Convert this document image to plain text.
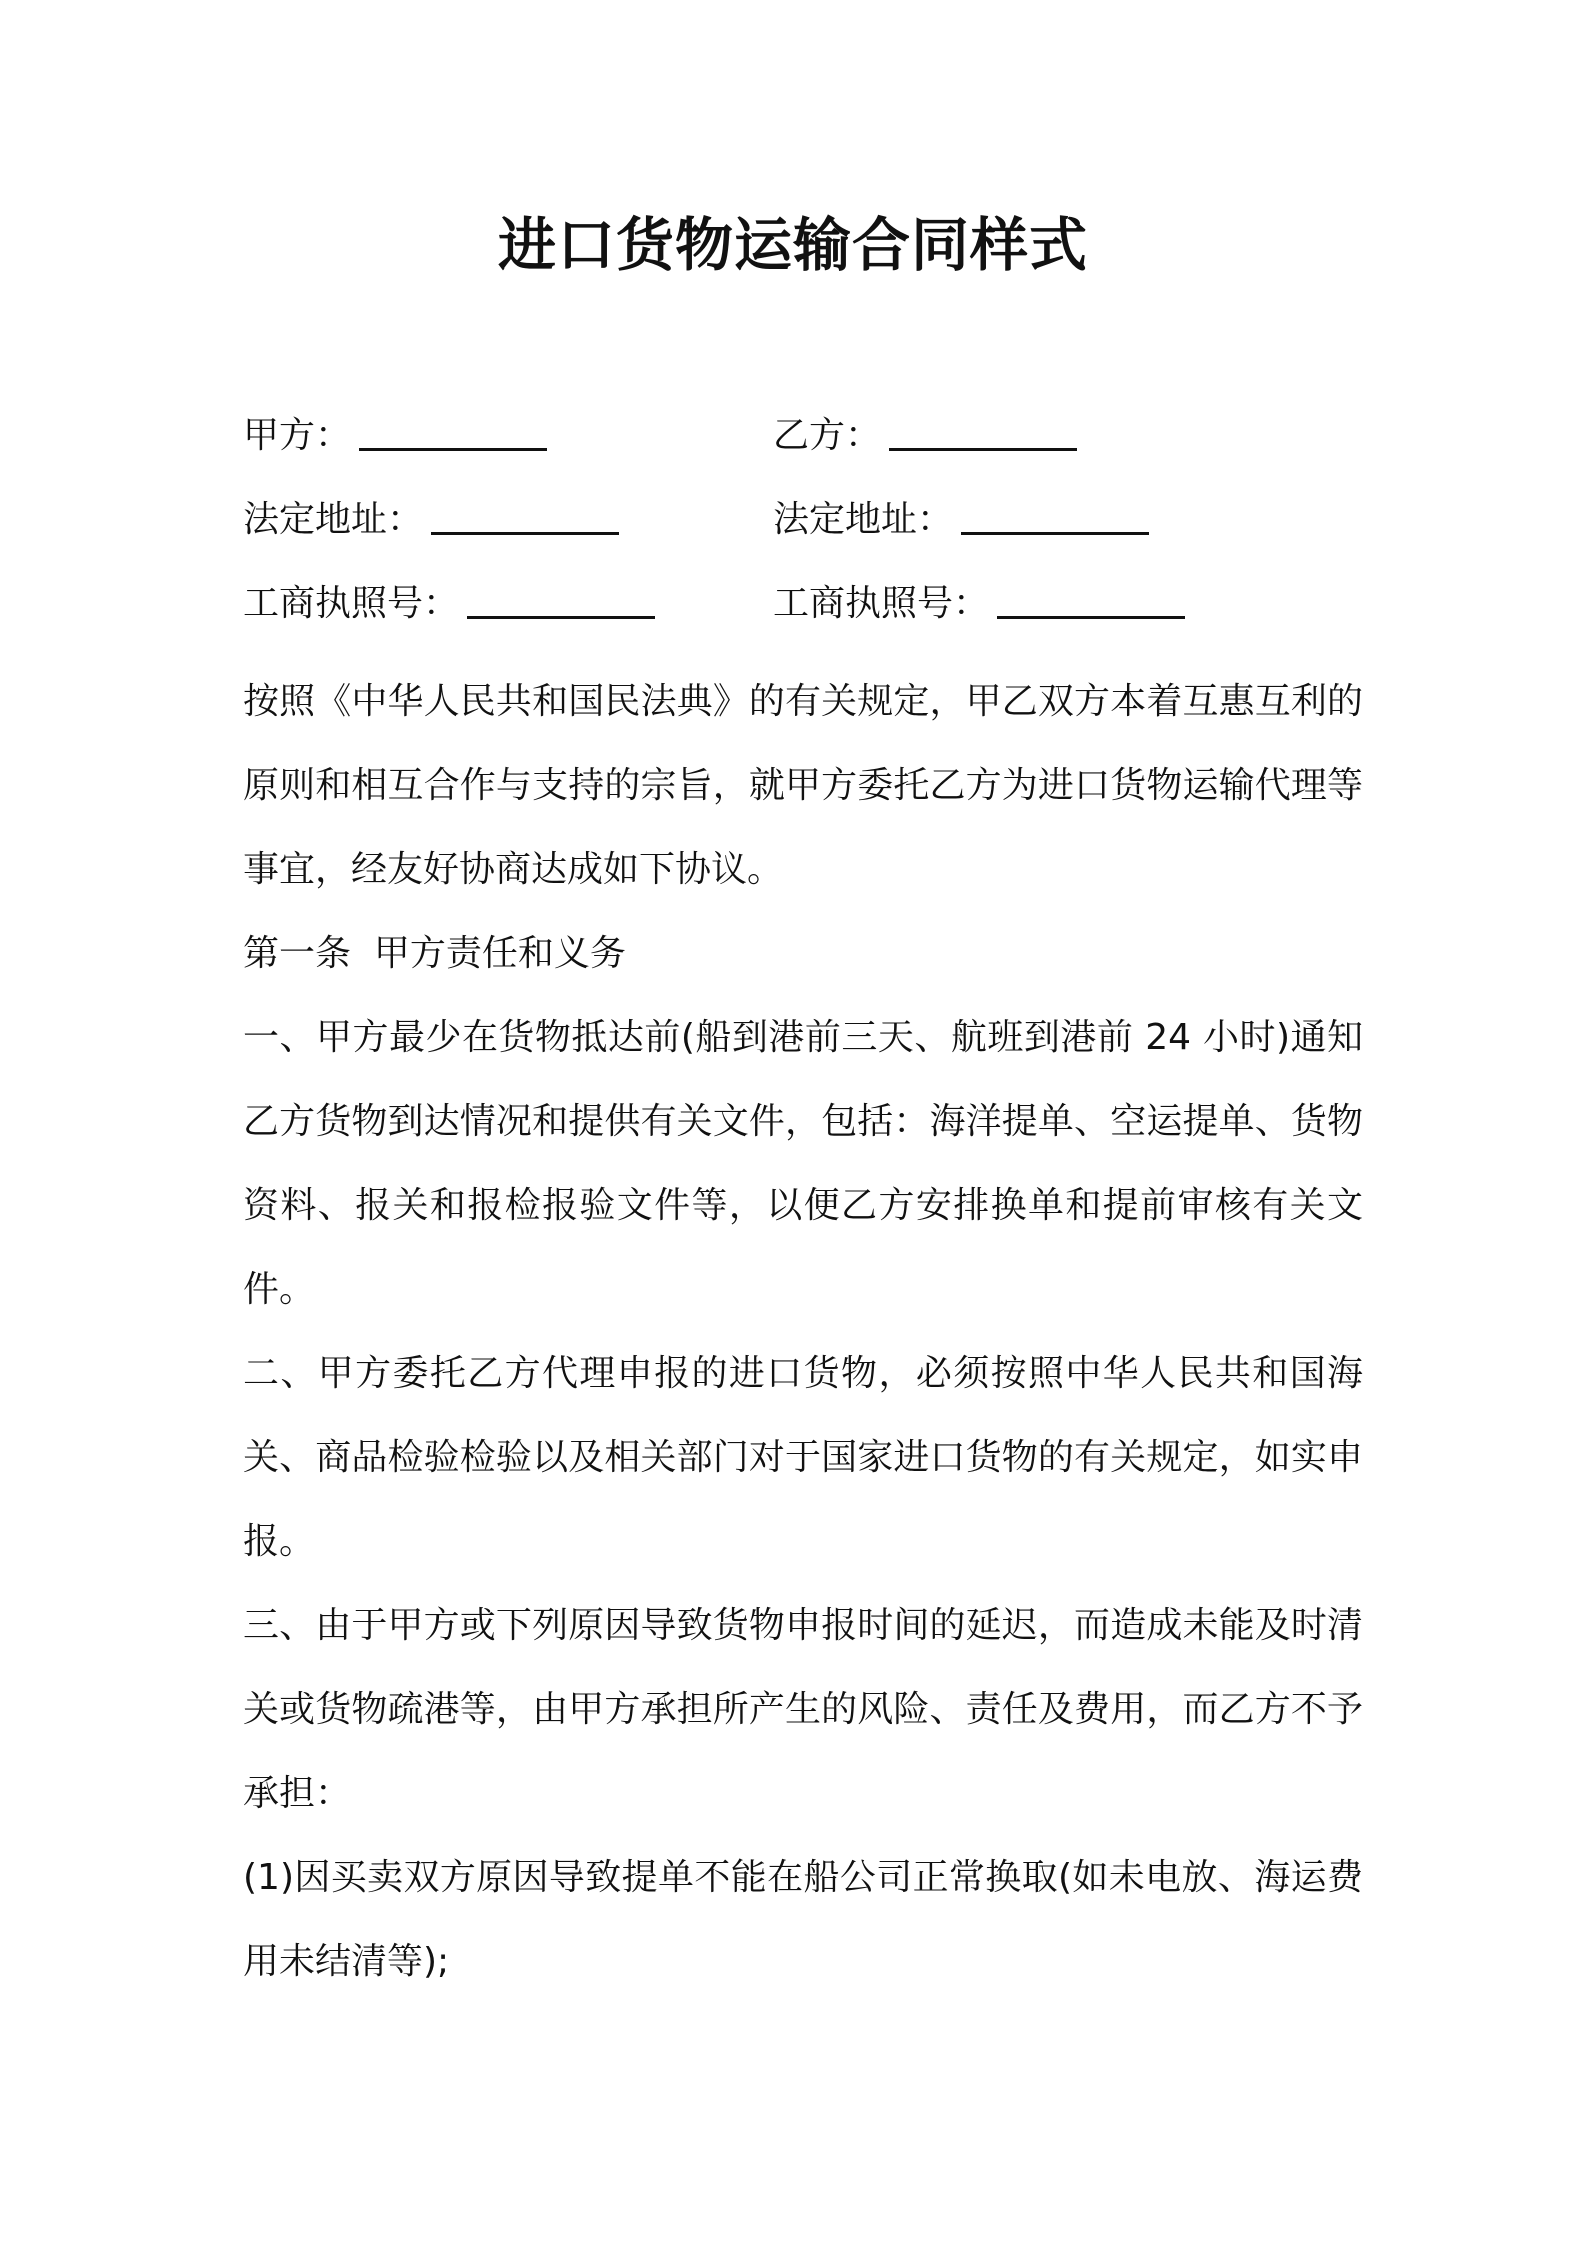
进口货物运输合同样式
甲方：	乙方：
法定地址：	法定地址：
工商执照号：	工商执照号：

按照《中华人民共和国民法典》的有关规定，甲乙双方本着互惠互利的原则和相互合作与支持的宗旨，就甲方委托乙方为进口货物运输代理等事宜，经友好协商达成如下协议。

第一条  甲方责任和义务

一、甲方最少在货物抵达前(船到港前三天、航班到港前 24 小时)通知乙方货物到达情况和提供有关文件，包括：海洋提单、空运提单、货物资料、报关和报检报验文件等，以便乙方安排换单和提前审核有关文件。

二、甲方委托乙方代理申报的进口货物，必须按照中华人民共和国海关、商品检验检验以及相关部门对于国家进口货物的有关规定，如实申报。

三、由于甲方或下列原因导致货物申报时间的延迟，而造成未能及时清关或货物疏港等，由甲方承担所产生的风险、责任及费用，而乙方不予承担：

(1)因买卖双方原因导致提单不能在船公司正常换取(如未电放、海运费用未结清等);
